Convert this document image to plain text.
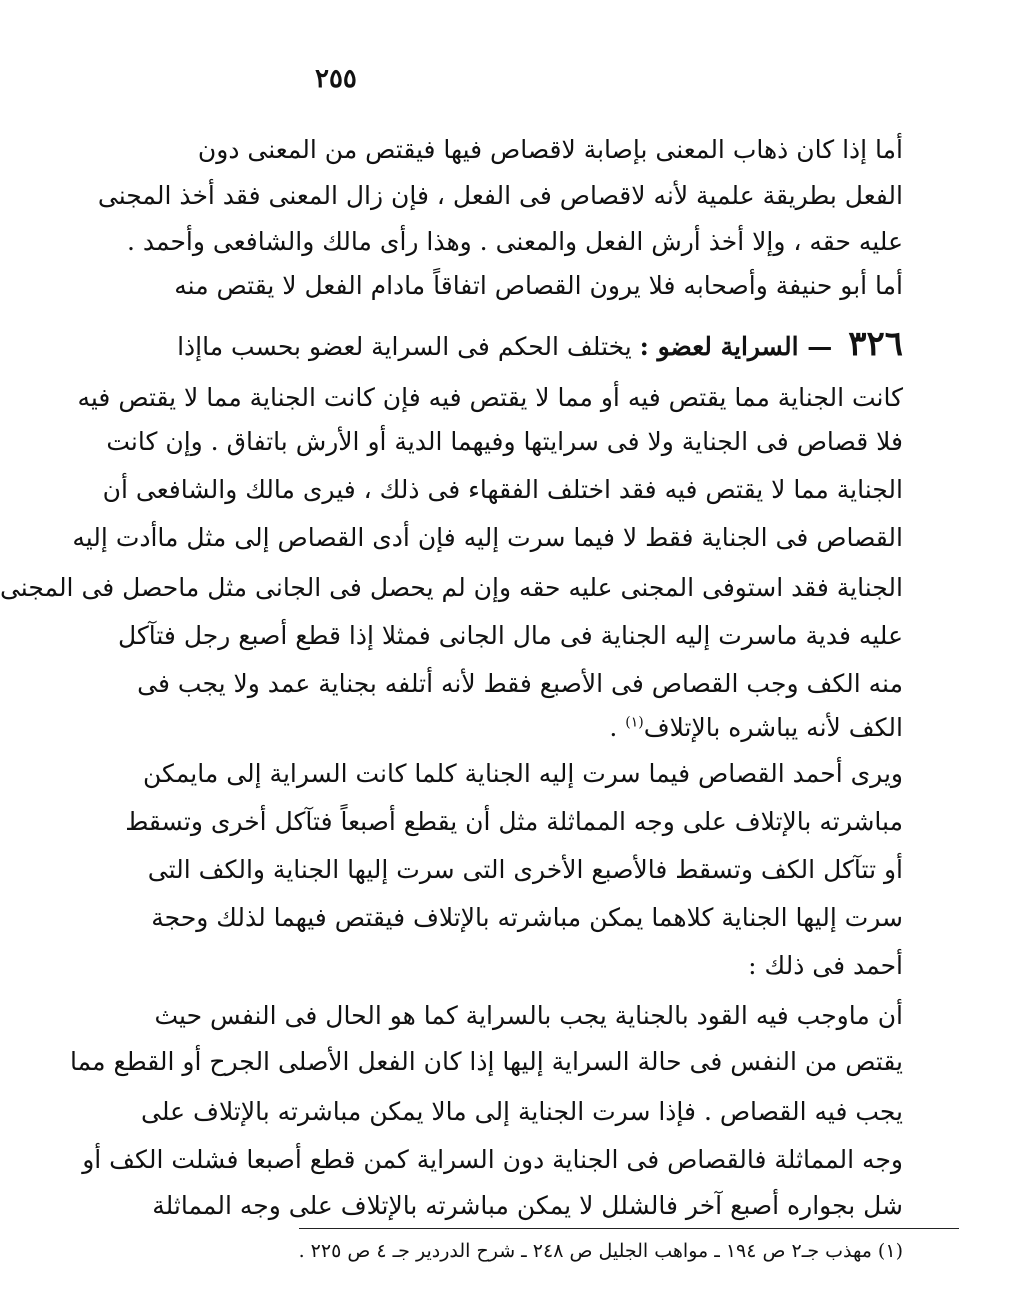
٢٥٥
أما إذا كان ذهاب المعنى بإصابة لاقصاص فيها فيقتص من المعنى دون
الفعل بطريقة علمية لأنه لاقصاص فى الفعل ، فإن زال المعنى فقد أخذ المجنى
عليه حقه ، وإلا أخذ أرش الفعل والمعنى . وهذا رأى مالك والشافعى وأحمد .
أما أبو حنيفة وأصحابه فلا يرون القصاص اتفاقاً مادام الفعل لا يقتص منه
٣٢٦ — السراية لعضو : يختلف الحكم فى السراية لعضو بحسب ماإذا
كانت الجناية مما يقتص فيه أو مما لا يقتص فيه فإن كانت الجناية مما لا يقتص فيه
فلا قصاص فى الجناية ولا فى سرايتها وفيهما الدية أو الأرش باتفاق . وإن كانت
الجناية مما لا يقتص فيه فقد اختلف الفقهاء فى ذلك ، فيرى مالك والشافعى أن
القصاص فى الجناية فقط لا فيما سرت إليه فإن أدى القصاص إلى مثل ماأدت إليه
الجناية فقد استوفى المجنى عليه حقه وإن لم يحصل فى الجانى مثل ماحصل فى المجنى
عليه فدية ماسرت إليه الجناية فى مال الجانى فمثلا إذا قطع أصبع رجل فتآكل
منه الكف وجب القصاص فى الأصبع فقط لأنه أتلفه بجناية عمد ولا يجب فى
الكف لأنه يباشره بالإتلاف$^{(١)}$ .
ويرى أحمد القصاص فيما سرت إليه الجناية كلما كانت السراية إلى مايمكن
مباشرته بالإتلاف على وجه المماثلة مثل أن يقطع أصبعاً فتآكل أخرى وتسقط
أو تتآكل الكف وتسقط فالأصبع الأخرى التى سرت إليها الجناية والكف التى
سرت إليها الجناية كلاهما يمكن مباشرته بالإتلاف فيقتص فيهما لذلك وحجة
أحمد فى ذلك :
أن ماوجب فيه القود بالجناية يجب بالسراية كما هو الحال فى النفس حيث
يقتص من النفس فى حالة السراية إليها إذا كان الفعل الأصلى الجرح أو القطع مما
يجب فيه القصاص . فإذا سرت الجناية إلى مالا يمكن مباشرته بالإتلاف على
وجه المماثلة فالقصاص فى الجناية دون السراية كمن قطع أصبعا فشلت الكف أو
شل بجواره أصبع آخر فالشلل لا يمكن مباشرته بالإتلاف على وجه المماثلة
(١) مهذب جـ٢ ص ١٩٤ ـ مواهب الجليل ص ٢٤٨ ـ شرح الدردير جـ ٤ ص ٢٢٥ .
